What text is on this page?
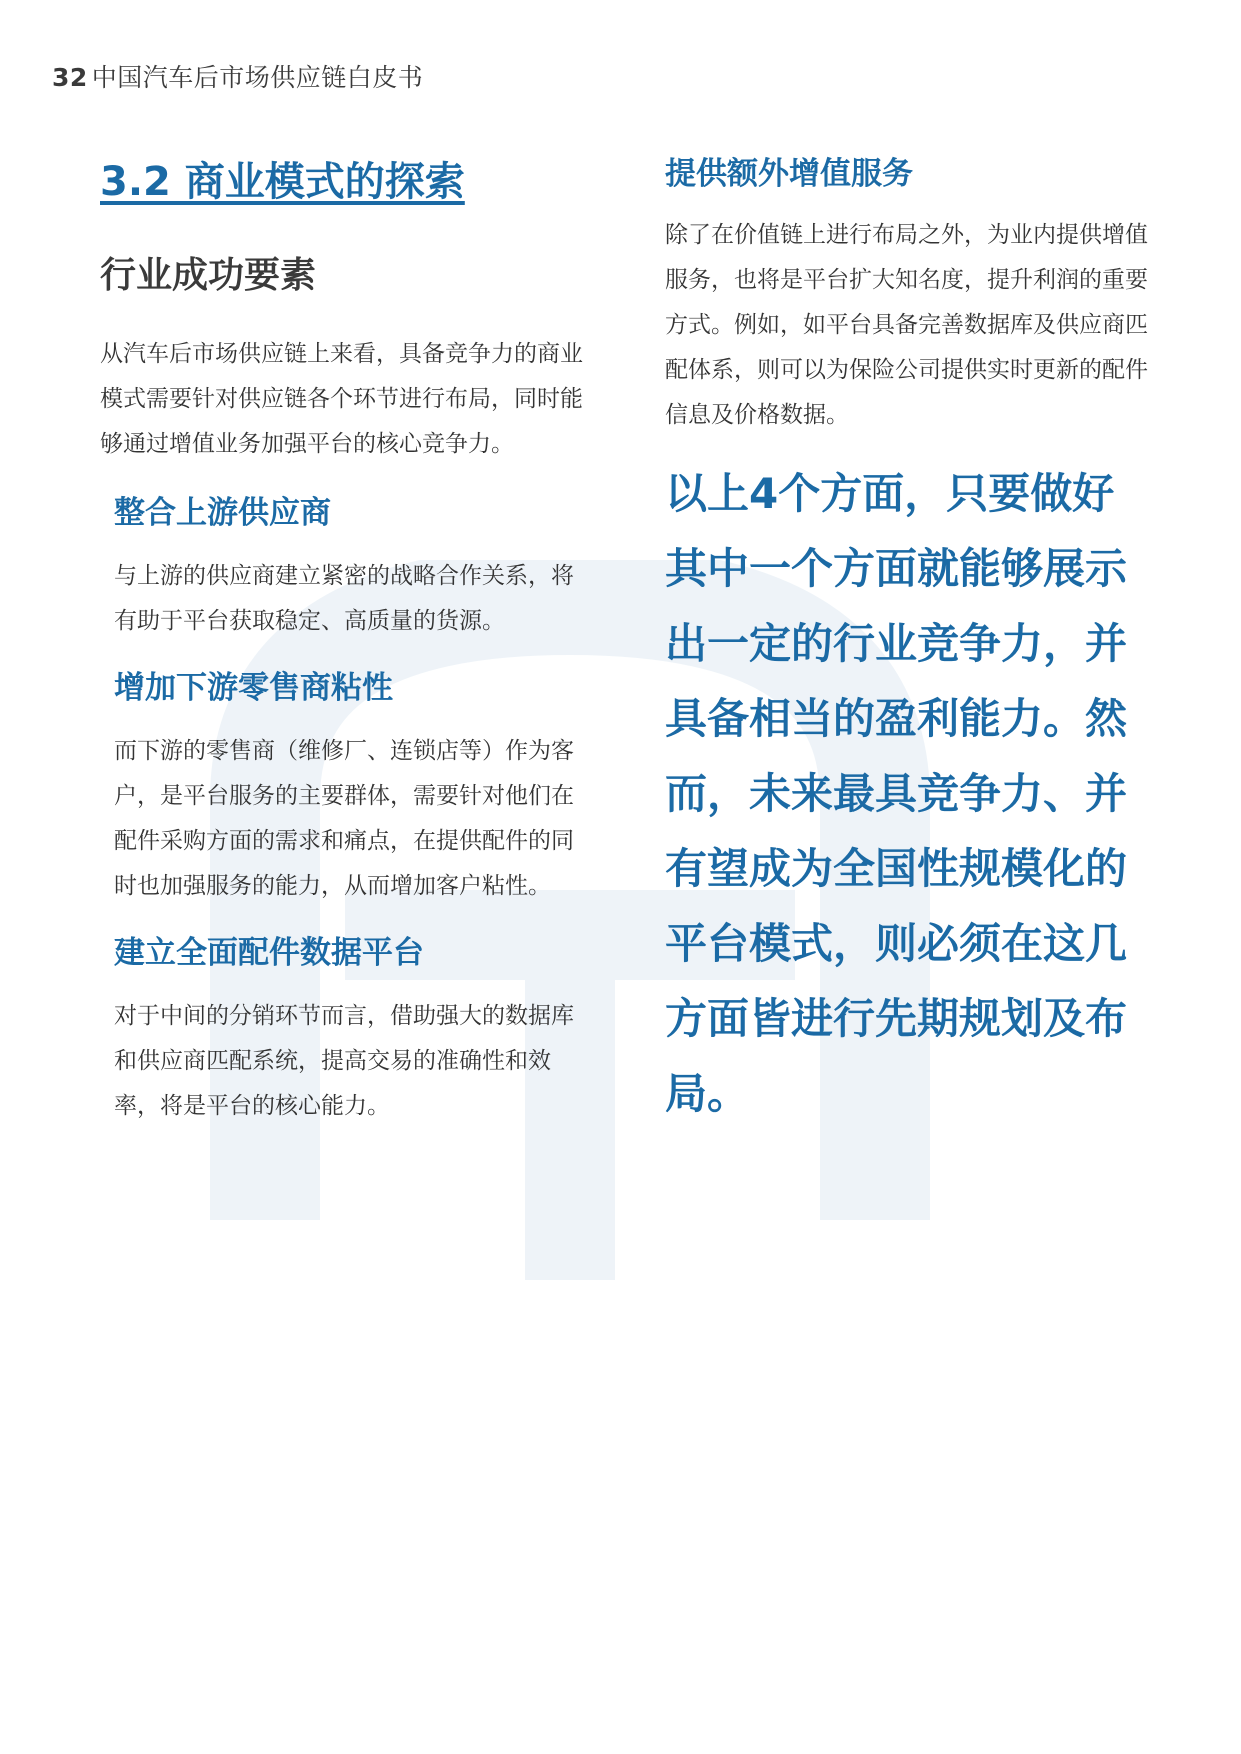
32 中国汽车后市场供应链白皮书
3.2 商业模式的探索
行业成功要素

从汽车后市场供应链上来看，具备竞争力的商业模式需要针对供应链各个环节进行布局，同时能够通过增值业务加强平台的核心竞争力。

整合上游供应商

与上游的供应商建立紧密的战略合作关系，将有助于平台获取稳定、高质量的货源。

增加下游零售商粘性

而下游的零售商（维修厂、连锁店等）作为客户，是平台服务的主要群体，需要针对他们在配件采购方面的需求和痛点，在提供配件的同时也加强服务的能力，从而增加客户粘性。

建立全面配件数据平台

对于中间的分销环节而言，借助强大的数据库和供应商匹配系统，提高交易的准确性和效率，将是平台的核心能力。

提供额外增值服务

除了在价值链上进行布局之外，为业内提供增值服务，也将是平台扩大知名度，提升利润的重要方式。例如，如平台具备完善数据库及供应商匹配体系，则可以为保险公司提供实时更新的配件信息及价格数据。

以上4个方面，只要做好其中一个方面就能够展示出一定的行业竞争力，并具备相当的盈利能力。然而，未来最具竞争力、并有望成为全国性规模化的平台模式，则必须在这几方面皆进行先期规划及布局。
